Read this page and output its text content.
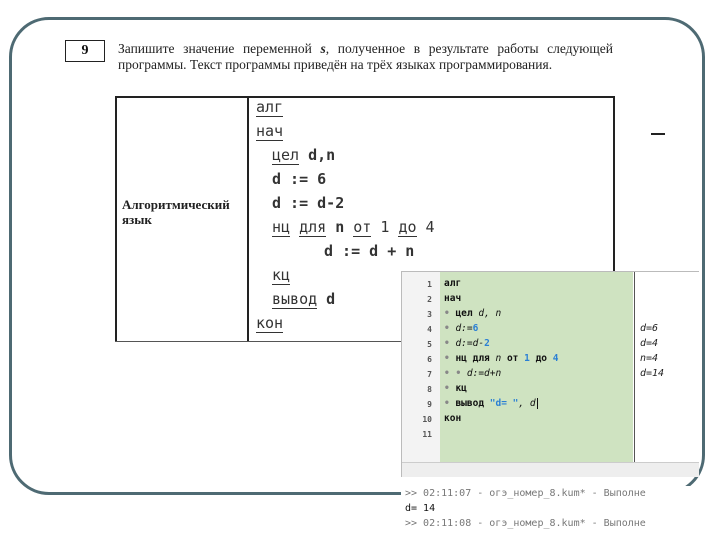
9	Запишите значение переменной s, полученное в результате работы следующей программы. Текст программы приведён на трёх языках программирования.
Алгоритмический язык
алг
нач
цел d,n
d := 6
d := d-2
нц для n от 1 до 4
d := d + n
кц
вывод d
кон
1
2
3
4
5
6
7
8
9
10
11
алг
нач
• цел d, n
• d:=6
• d:=d-2
• нц для n от 1 до 4
• • d:=d+n
• кц
• вывод "d= ", d
кон
d=6
d=4
n=4
d=14
>> 02:11:07 - огэ_номер_8.kum* - Выполне
d= 14
>> 02:11:08 - огэ_номер_8.kum* - Выполне
